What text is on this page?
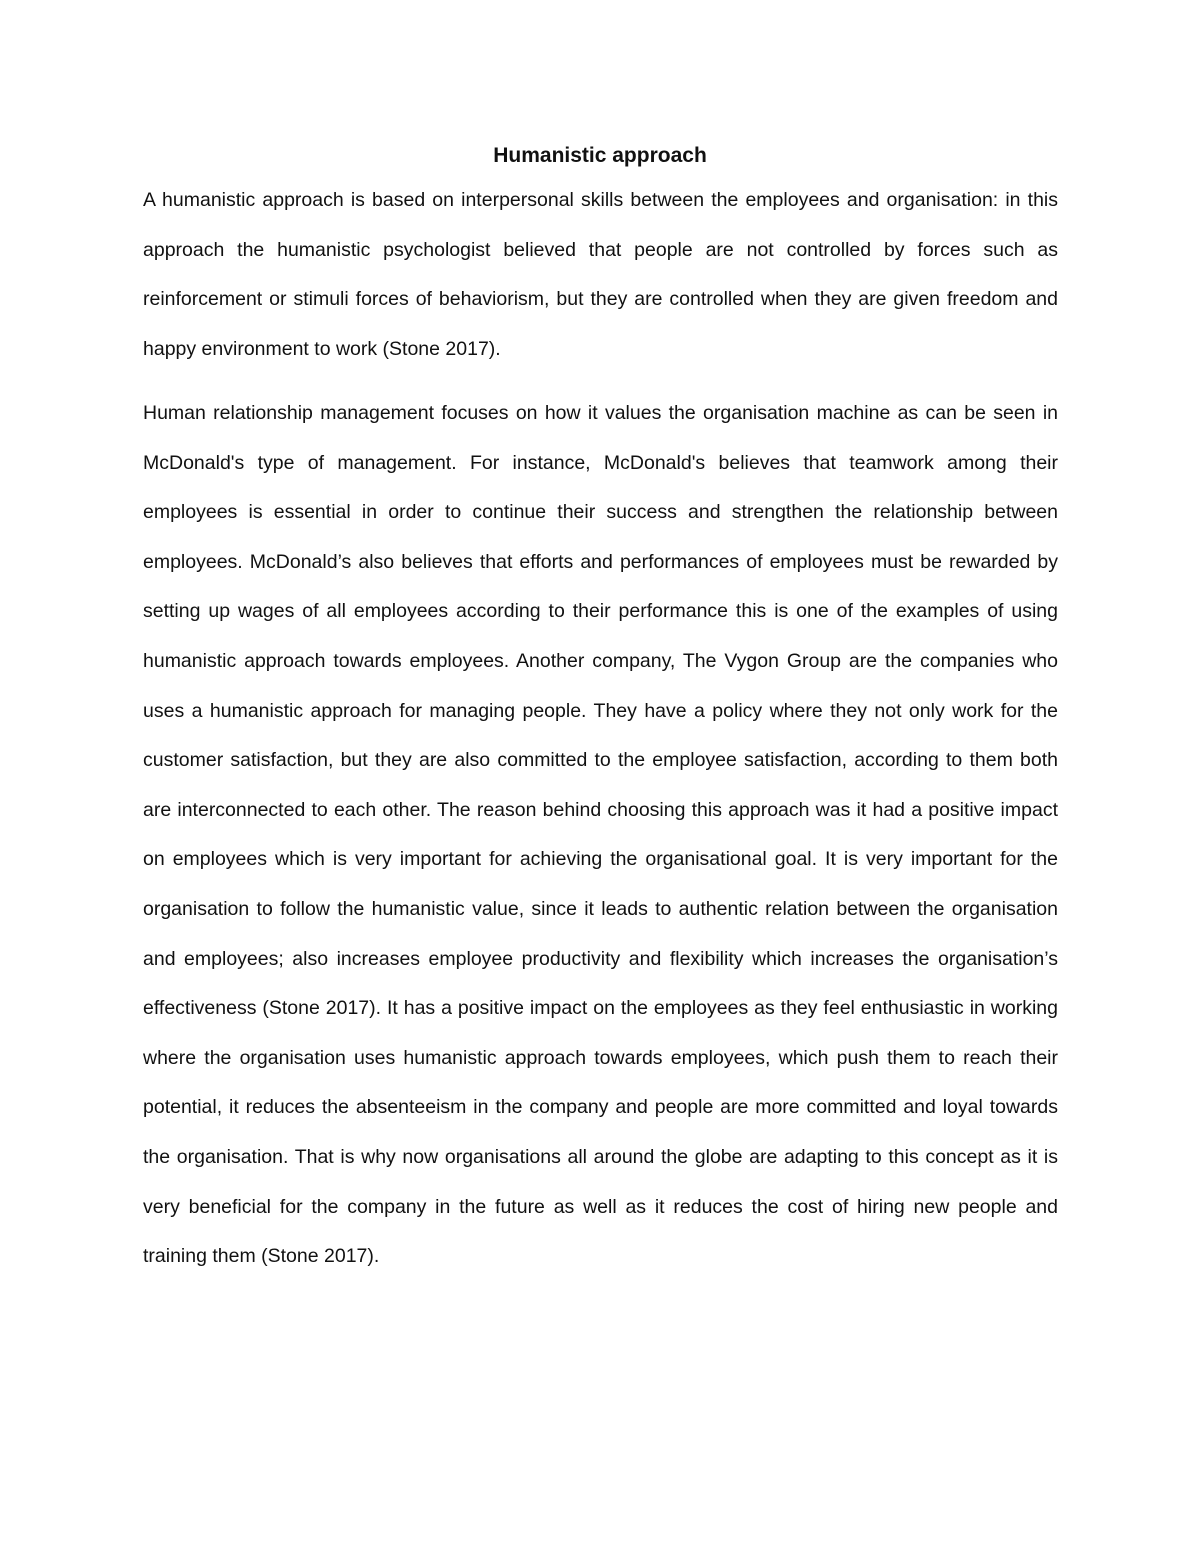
Humanistic approach

A humanistic approach is based on interpersonal skills between the employees and organisation: in this approach the humanistic psychologist believed that people are not controlled by forces such as reinforcement or stimuli forces of behaviorism, but they are controlled when they are given freedom and happy environment to work (Stone 2017).

Human relationship management focuses on how it values the organisation machine as can be seen in McDonald's type of management. For instance, McDonald's believes that teamwork among their employees is essential in order to continue their success and strengthen the relationship between employees. McDonald’s also believes that efforts and performances of employees must be rewarded by setting up wages of all employees according to their performance this is one of the examples of using humanistic approach towards employees. Another company, The Vygon Group are the companies who uses a humanistic approach for managing people. They have a policy where they not only work for the customer satisfaction, but they are also committed to the employee satisfaction, according to them both are interconnected to each other. The reason behind choosing this approach was it had a positive impact on employees which is very important for achieving the organisational goal. It is very important for the organisation to follow the humanistic value, since it leads to authentic relation between the organisation and employees; also increases employee productivity and flexibility which increases the organisation’s effectiveness (Stone 2017). It has a positive impact on the employees as they feel enthusiastic in working where the organisation uses humanistic approach towards employees, which push them to reach their potential, it reduces the absenteeism in the company and people are more committed and loyal towards the organisation. That is why now organisations all around the globe are adapting to this concept as it is very beneficial for the company in the future as well as it reduces the cost of hiring new people and training them (Stone 2017).
